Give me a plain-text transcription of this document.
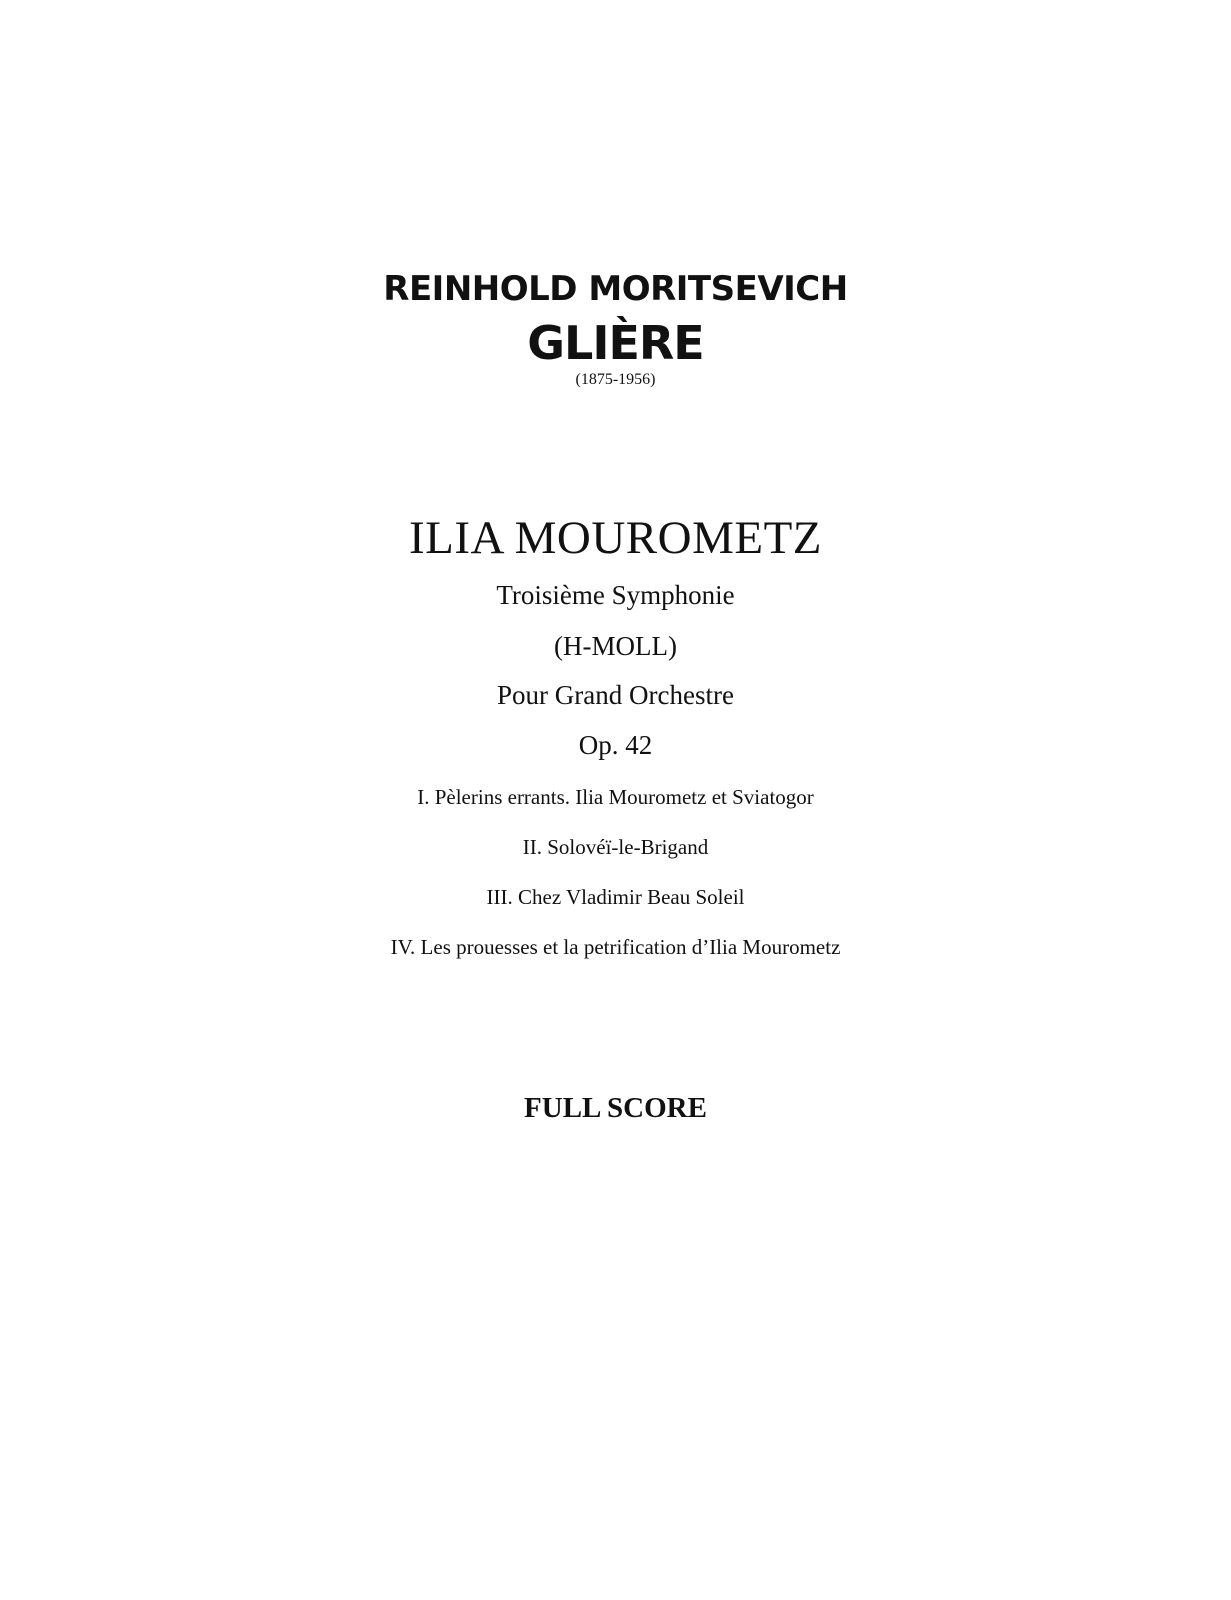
REINHOLD MORITSEVICH
GLIÈRE
(1875-1956)
ILIA MOUROMETZ
Troisième Symphonie
(H-MOLL)
Pour Grand Orchestre
Op. 42
I. Pèlerins errants. Ilia Mourometz et Sviatogor
II. Solovéï-le-Brigand
III. Chez Vladimir Beau Soleil
IV. Les prouesses et la petrification d’Ilia Mourometz
FULL SCORE
